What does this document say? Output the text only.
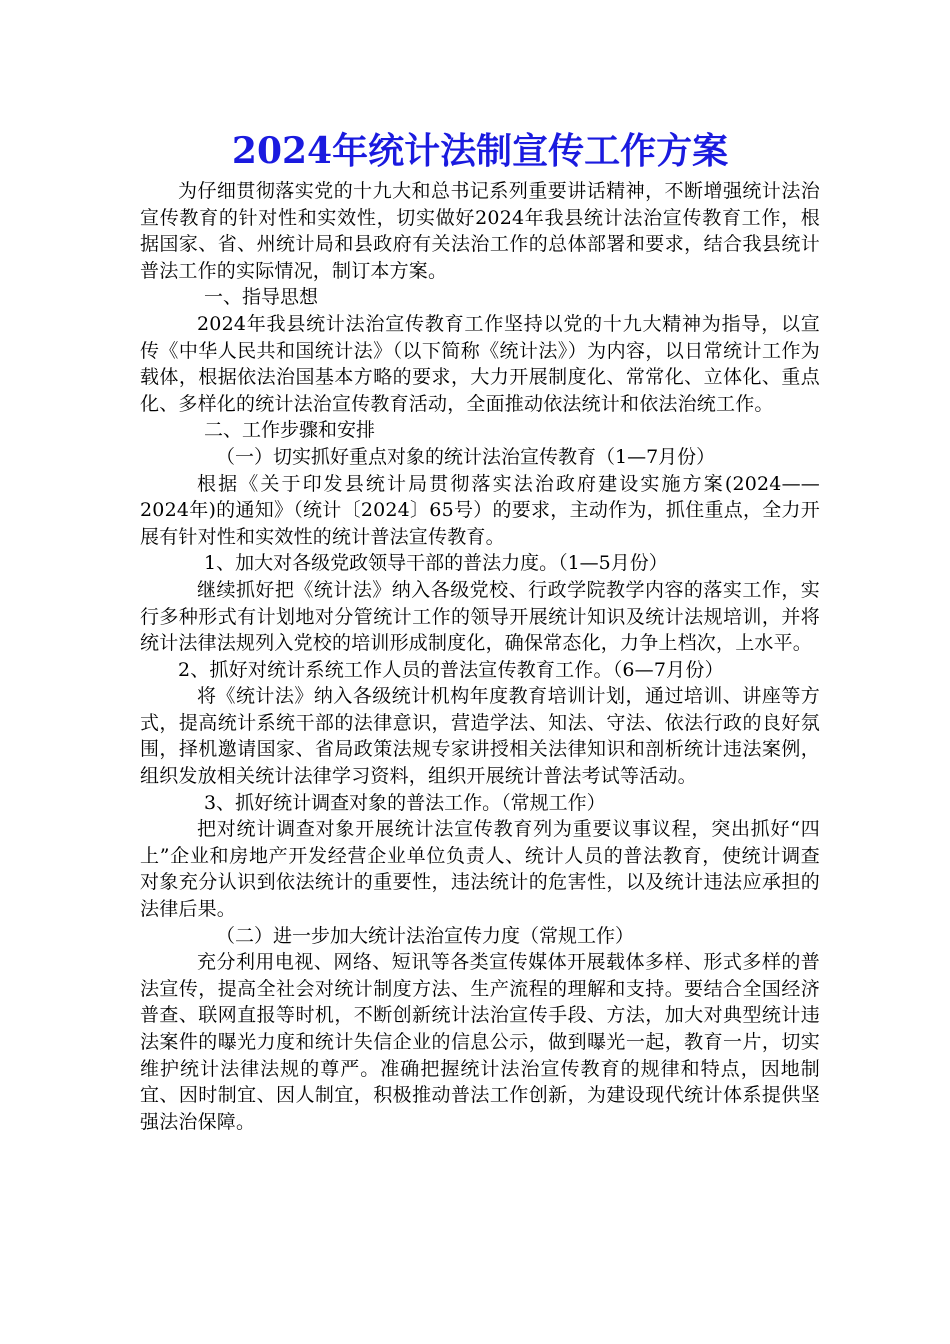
2024年统计法制宣传工作方案

为仔细贯彻落实党的十九大和总书记系列重要讲话精神，不断增强统计法治宣传教育的针对性和实效性，切实做好2024年我县统计法治宣传教育工作，根据国家、省、州统计局和县政府有关法治工作的总体部署和要求，结合我县统计普法工作的实际情况，制订本方案。

一、指导思想

2024年我县统计法治宣传教育工作坚持以党的十九大精神为指导，以宣传《中华人民共和国统计法》（以下简称《统计法》）为内容，以日常统计工作为载体，根据依法治国基本方略的要求，大力开展制度化、常常化、立体化、重点化、多样化的统计法治宣传教育活动，全面推动依法统计和依法治统工作。

二、工作步骤和安排

（一）切实抓好重点对象的统计法治宣传教育（1—7月份）

根据《关于印发县统计局贯彻落实法治政府建设实施方案(2024——2024年)的通知》（统计〔2024〕65号）的要求，主动作为，抓住重点，全力开展有针对性和实效性的统计普法宣传教育。

1、加大对各级党政领导干部的普法力度。（1—5月份）

继续抓好把《统计法》纳入各级党校、行政学院教学内容的落实工作，实行多种形式有计划地对分管统计工作的领导开展统计知识及统计法规培训，并将统计法律法规列入党校的培训形成制度化，确保常态化，力争上档次，上水平。

2、抓好对统计系统工作人员的普法宣传教育工作。（6—7月份）

将《统计法》纳入各级统计机构年度教育培训计划，通过培训、讲座等方式，提高统计系统干部的法律意识，营造学法、知法、守法、依法行政的良好氛围，择机邀请国家、省局政策法规专家讲授相关法律知识和剖析统计违法案例，组织发放相关统计法律学习资料，组织开展统计普法考试等活动。

3、抓好统计调查对象的普法工作。（常规工作）

把对统计调查对象开展统计法宣传教育列为重要议事议程，突出抓好“四上”企业和房地产开发经营企业单位负责人、统计人员的普法教育，使统计调查对象充分认识到依法统计的重要性，违法统计的危害性，以及统计违法应承担的法律后果。

（二）进一步加大统计法治宣传力度（常规工作）

充分利用电视、网络、短讯等各类宣传媒体开展载体多样、形式多样的普法宣传，提高全社会对统计制度方法、生产流程的理解和支持。要结合全国经济普查、联网直报等时机，不断创新统计法治宣传手段、方法，加大对典型统计违法案件的曝光力度和统计失信企业的信息公示，做到曝光一起，教育一片，切实维护统计法律法规的尊严。准确把握统计法治宣传教育的规律和特点，因地制宜、因时制宜、因人制宜，积极推动普法工作创新，为建设现代统计体系提供坚强法治保障。
